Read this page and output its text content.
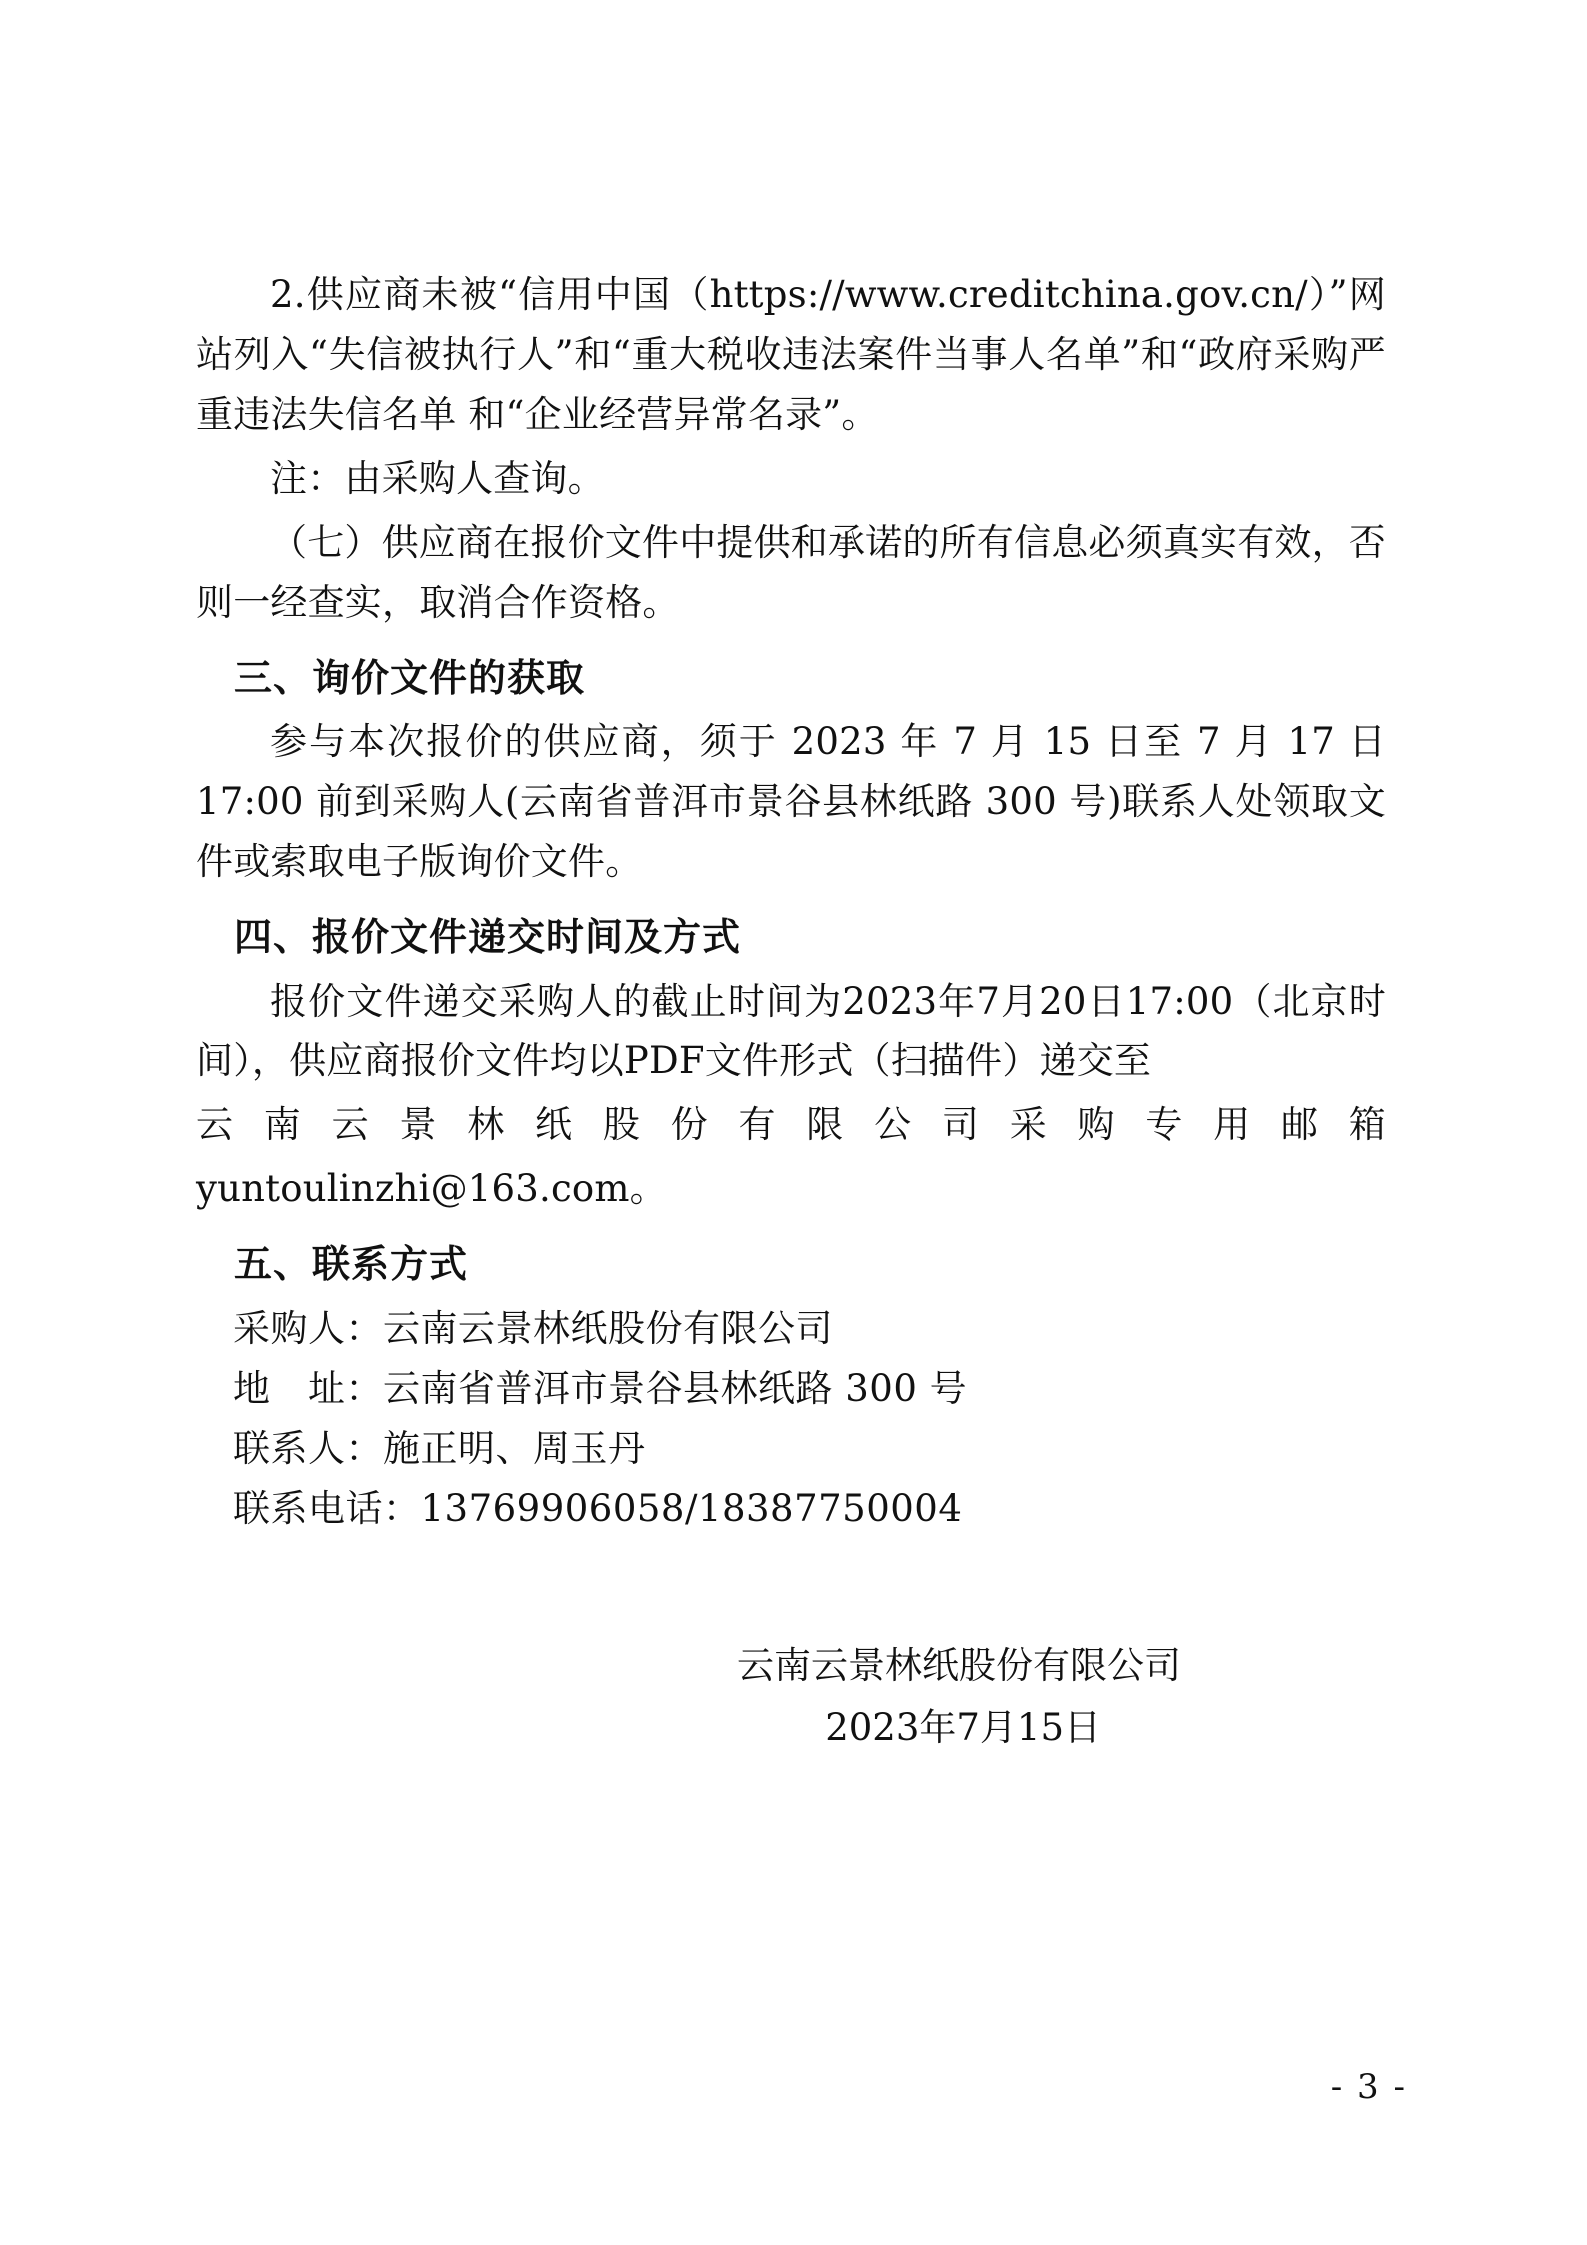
2.供应商未被“信用中国（https://www.creditchina.gov.cn/）”网站列入“失信被执行人”和“重大税收违法案件当事人名单”和“政府采购严重违法失信名单 和“企业经营异常名录”。

注：由采购人查询。

（七）供应商在报价文件中提供和承诺的所有信息必须真实有效，否则一经查实，取消合作资格。

三、询价文件的获取

参与本次报价的供应商，须于 2023 年 7 月 15 日至 7 月 17 日 17:00 前到采购人(云南省普洱市景谷县林纸路 300 号)联系人处领取文件或索取电子版询价文件。

四、报价文件递交时间及方式

报价文件递交采购人的截止时间为2023年7月20日17:00（北京时间），供应商报价文件均以PDF文件形式（扫描件）递交至

云南云景林纸股份有限公司采购专用邮箱

yuntoulinzhi@163.com。

五、联系方式

采购人：云南云景林纸股份有限公司

地　址：云南省普洱市景谷县林纸路 300 号

联系人：施正明、周玉丹

联系电话：13769906058/18387750004

云南云景林纸股份有限公司

2023年7月15日

- 3 -
